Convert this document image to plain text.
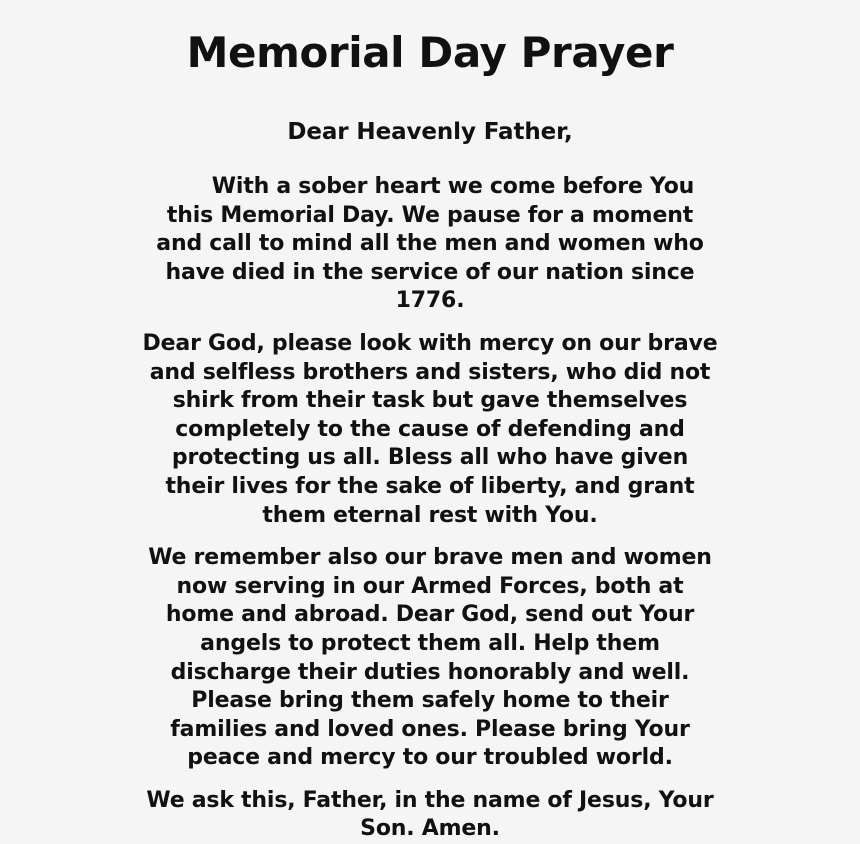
Memorial Day Prayer

Dear Heavenly Father,

With a sober heart we come before You this Memorial Day. We pause for a moment and call to mind all the men and women who have died in the service of our nation since 1776.

Dear God, please look with mercy on our brave and selfless brothers and sisters, who did not shirk from their task but gave themselves completely to the cause of defending and protecting us all. Bless all who have given their lives for the sake of liberty, and grant them eternal rest with You.

We remember also our brave men and women now serving in our Armed Forces, both at home and abroad. Dear God, send out Your angels to protect them all. Help them discharge their duties honorably and well. Please bring them safely home to their families and loved ones. Please bring Your peace and mercy to our troubled world.

We ask this, Father, in the name of Jesus, Your Son. Amen.
